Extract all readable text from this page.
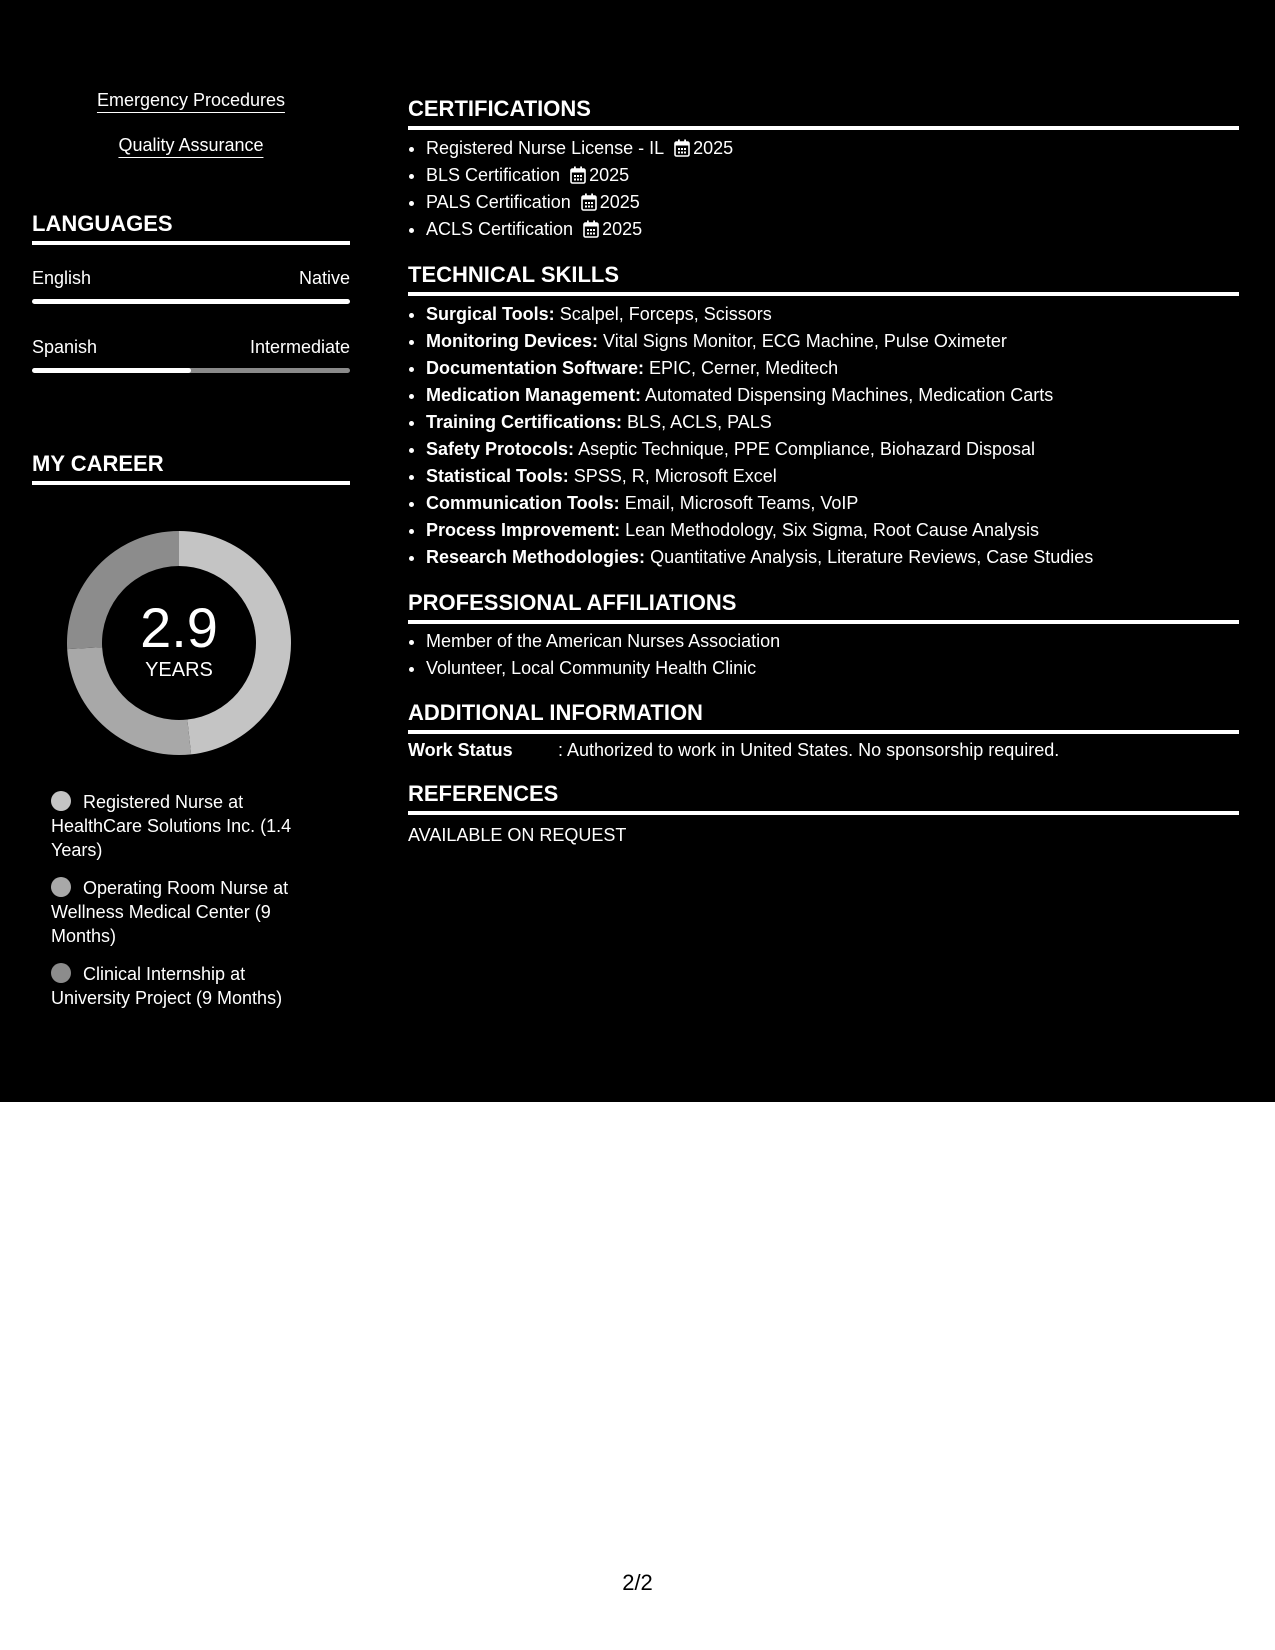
Emergency Procedures
Quality Assurance
LANGUAGES
English	Native
Spanish	Intermediate
MY CAREER
2.9
YEARS
Registered Nurse at HealthCare Solutions Inc. (1.4 Years)
Operating Room Nurse at Wellness Medical Center (9 Months)
Clinical Internship at University Project (9 Months)
CERTIFICATIONS
• Registered Nurse License - IL 2025
• BLS Certification 2025
• PALS Certification 2025
• ACLS Certification 2025
TECHNICAL SKILLS
• Surgical Tools: Scalpel, Forceps, Scissors
• Monitoring Devices: Vital Signs Monitor, ECG Machine, Pulse Oximeter
• Documentation Software: EPIC, Cerner, Meditech
• Medication Management: Automated Dispensing Machines, Medication Carts
• Training Certifications: BLS, ACLS, PALS
• Safety Protocols: Aseptic Technique, PPE Compliance, Biohazard Disposal
• Statistical Tools: SPSS, R, Microsoft Excel
• Communication Tools: Email, Microsoft Teams, VoIP
• Process Improvement: Lean Methodology, Six Sigma, Root Cause Analysis
• Research Methodologies: Quantitative Analysis, Literature Reviews, Case Studies
PROFESSIONAL AFFILIATIONS
• Member of the American Nurses Association
• Volunteer, Local Community Health Clinic
ADDITIONAL INFORMATION
Work Status	: Authorized to work in United States. No sponsorship required.
REFERENCES
AVAILABLE ON REQUEST
2/2
